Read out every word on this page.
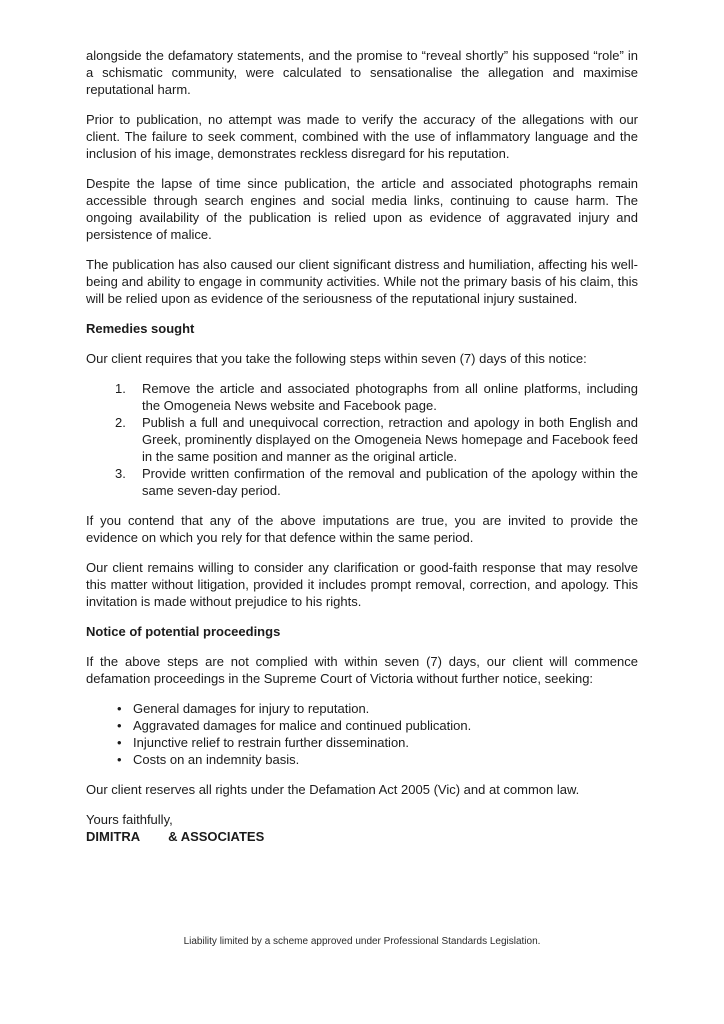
alongside the defamatory statements, and the promise to “reveal shortly” his supposed “role” in a schismatic community, were calculated to sensationalise the allegation and maximise reputational harm.

Prior to publication, no attempt was made to verify the accuracy of the allegations with our client. The failure to seek comment, combined with the use of inflammatory language and the inclusion of his image, demonstrates reckless disregard for his reputation.

Despite the lapse of time since publication, the article and associated photographs remain accessible through search engines and social media links, continuing to cause harm. The ongoing availability of the publication is relied upon as evidence of aggravated injury and persistence of malice.

The publication has also caused our client significant distress and humiliation, affecting his well-being and ability to engage in community activities. While not the primary basis of his claim, this will be relied upon as evidence of the seriousness of the reputational injury sustained.

Remedies sought

Our client requires that you take the following steps within seven (7) days of this notice:

1.	Remove the article and associated photographs from all online platforms, including the Omogeneia News website and Facebook page.
2.	Publish a full and unequivocal correction, retraction and apology in both English and Greek, prominently displayed on the Omogeneia News homepage and Facebook feed in the same position and manner as the original article.
3.	Provide written confirmation of the removal and publication of the apology within the same seven-day period.

If you contend that any of the above imputations are true, you are invited to provide the evidence on which you rely for that defence within the same period.

Our client remains willing to consider any clarification or good-faith response that may resolve this matter without litigation, provided it includes prompt removal, correction, and apology. This invitation is made without prejudice to his rights.

Notice of potential proceedings

If the above steps are not complied with within seven (7) days, our client will commence defamation proceedings in the Supreme Court of Victoria without further notice, seeking:

• General damages for injury to reputation.
• Aggravated damages for malice and continued publication.
• Injunctive relief to restrain further dissemination.
• Costs on an indemnity basis.

Our client reserves all rights under the Defamation Act 2005 (Vic) and at common law.

Yours faithfully,

DIMITRA & ASSOCIATES

Liability limited by a scheme approved under Professional Standards Legislation.
